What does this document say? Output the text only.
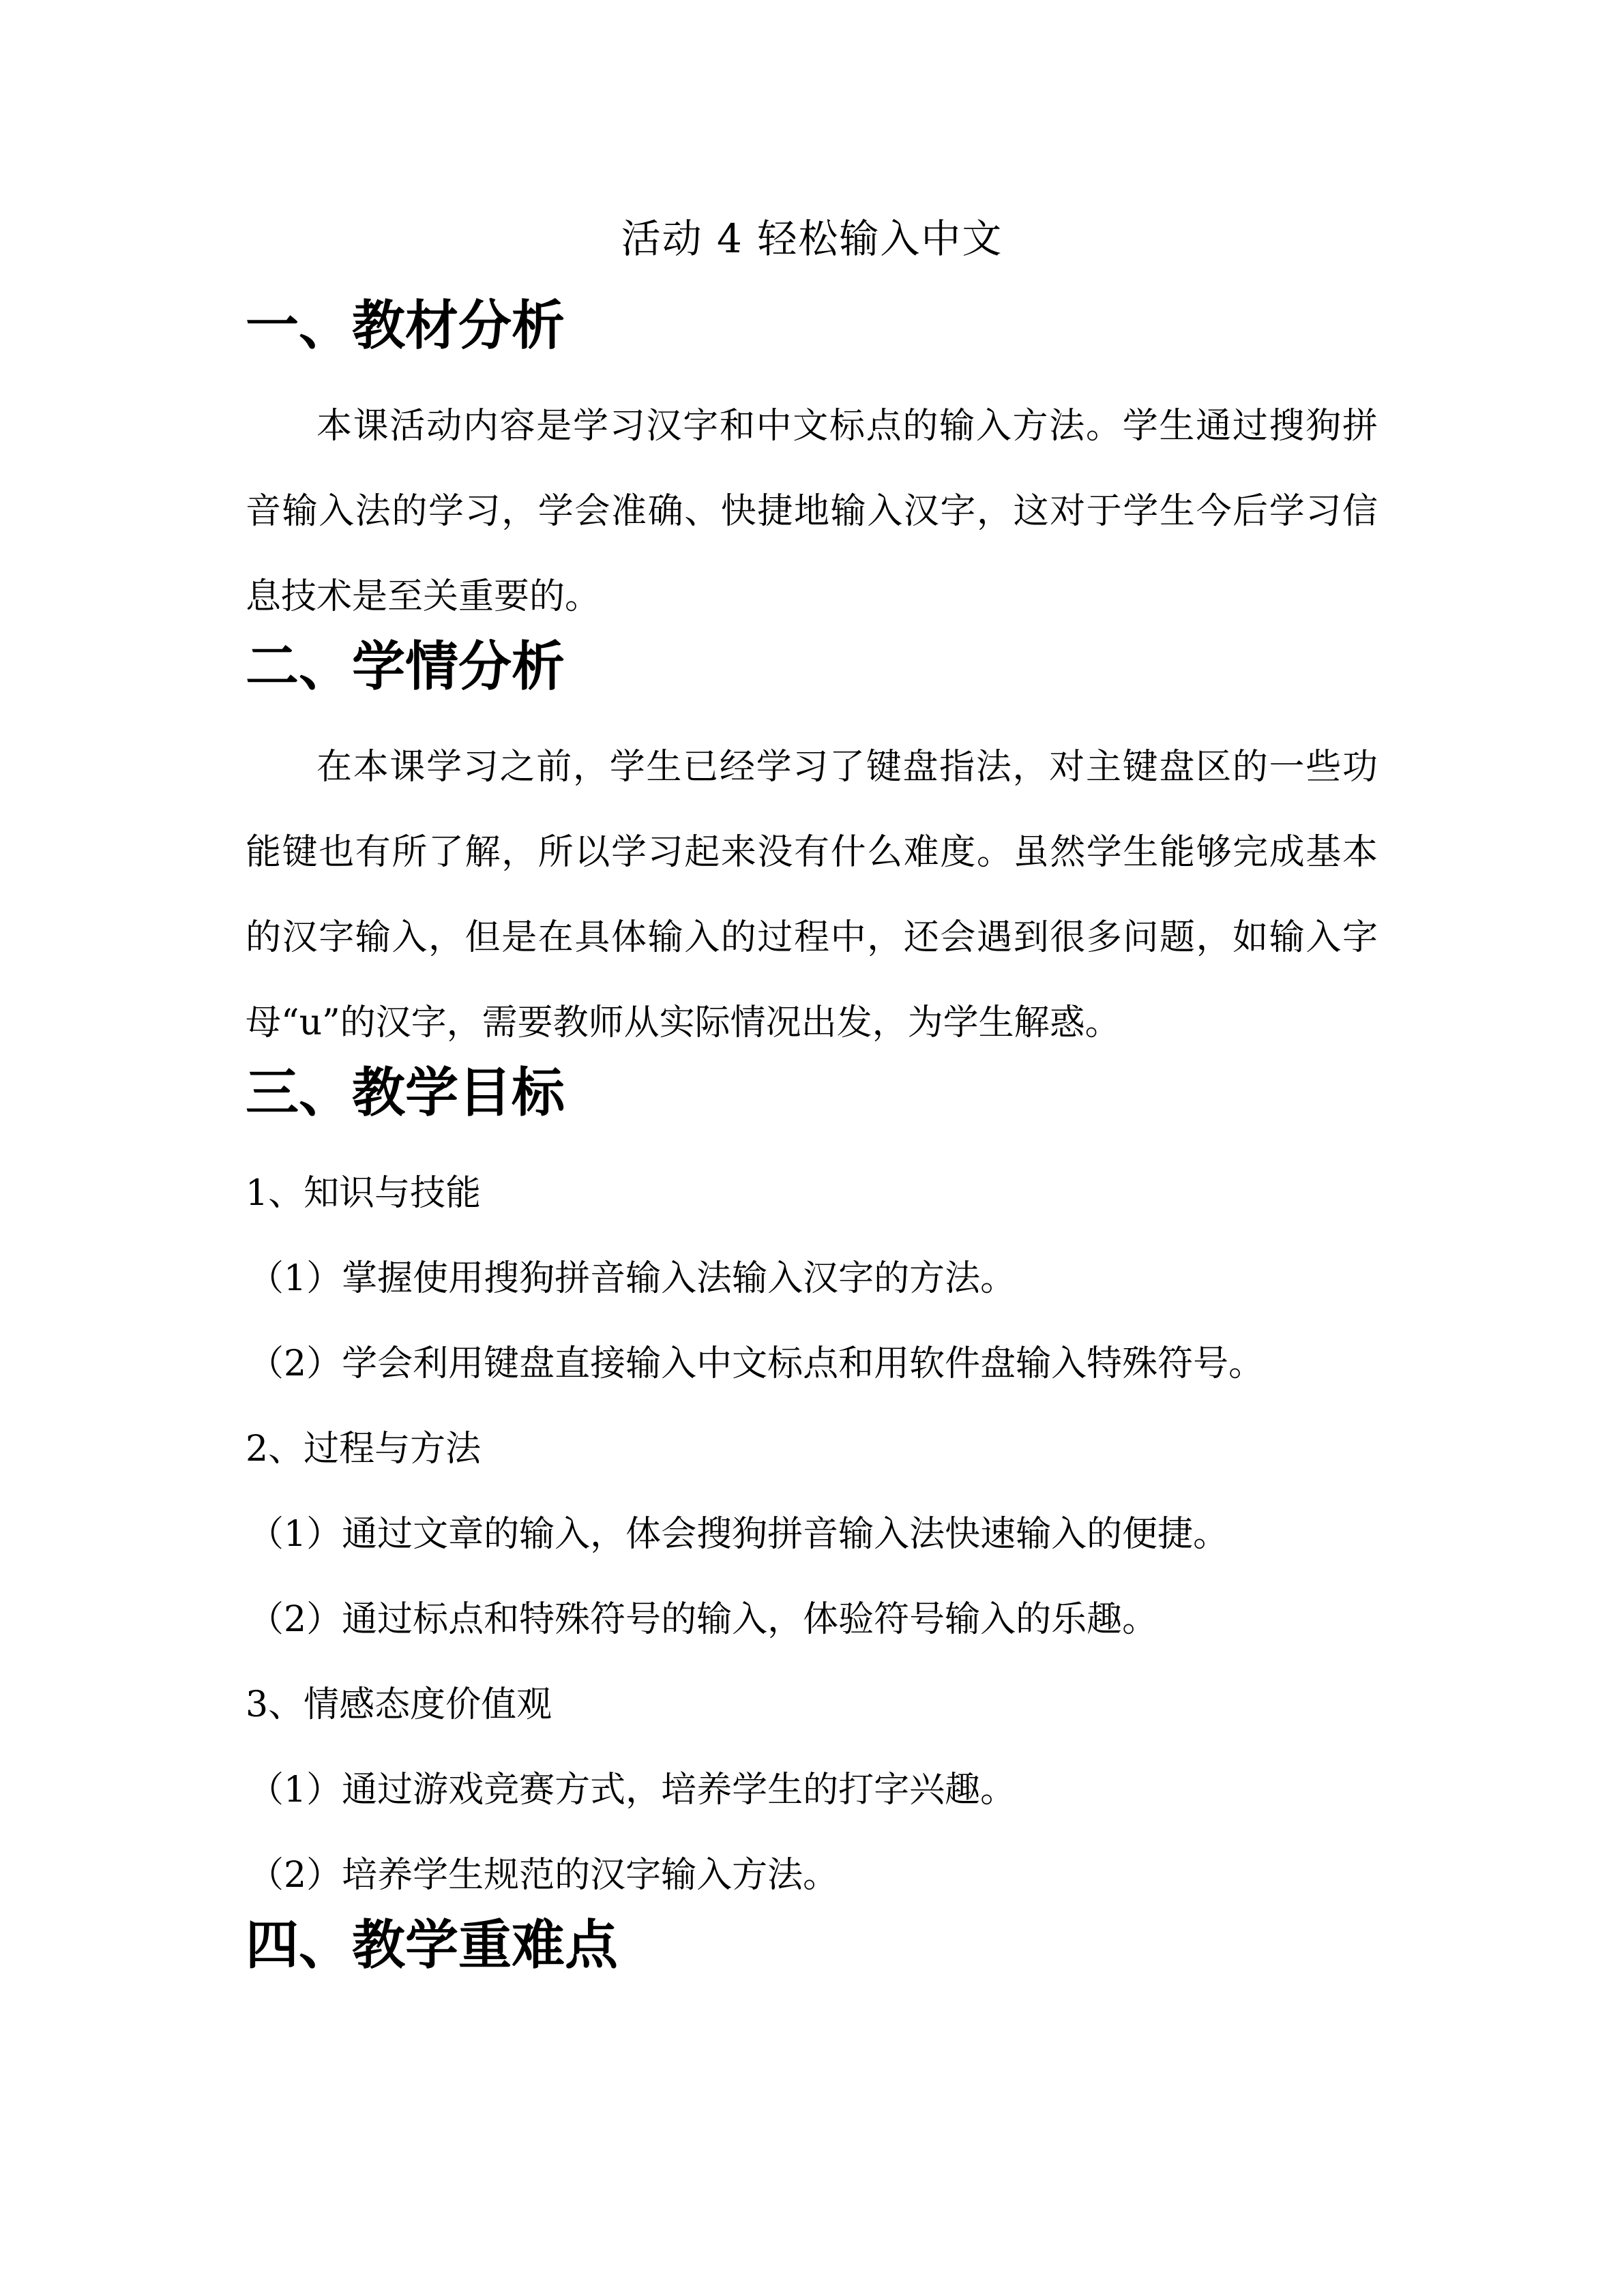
活动 4 轻松输入中文
一、教材分析

本课活动内容是学习汉字和中文标点的输入方法。学生通过搜狗拼音输入法的学习，学会准确、快捷地输入汉字，这对于学生今后学习信息技术是至关重要的。

二、学情分析

在本课学习之前，学生已经学习了键盘指法，对主键盘区的一些功能键也有所了解，所以学习起来没有什么难度。虽然学生能够完成基本的汉字输入，但是在具体输入的过程中，还会遇到很多问题，如输入字母“u”的汉字，需要教师从实际情况出发，为学生解惑。

三、教学目标

1、知识与技能

（1）掌握使用搜狗拼音输入法输入汉字的方法。

（2）学会利用键盘直接输入中文标点和用软件盘输入特殊符号。

2、过程与方法

（1）通过文章的输入，体会搜狗拼音输入法快速输入的便捷。

（2）通过标点和特殊符号的输入，体验符号输入的乐趣。

3、情感态度价值观

（1）通过游戏竞赛方式，培养学生的打字兴趣。

（2）培养学生规范的汉字输入方法。

四、教学重难点
